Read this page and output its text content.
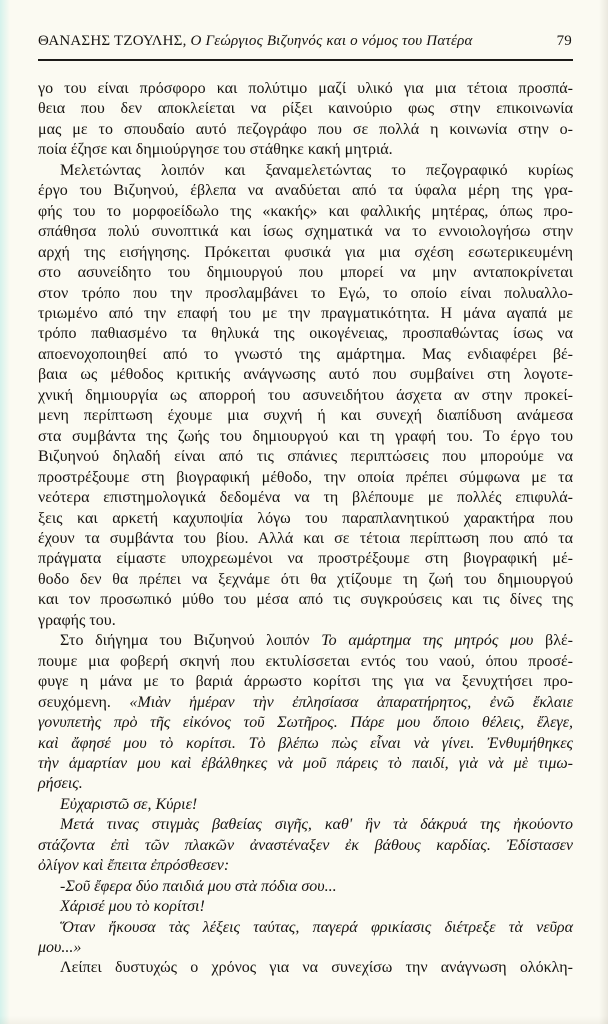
ΘΑΝΑΣΗΣ ΤΖΟΥΛΗΣ, Ο Γεώργιος Βιζυηνός και ο νόμος του Πατέρα	79
γο του είναι πρόσφορο και πολύτιμο μαζί υλικό για μια τέτοια προσπά-
θεια που δεν αποκλείεται να ρίξει καινούριο φως στην επικοινωνία
μας με το σπουδαίο αυτό πεζογράφο που σε πολλά η κοινωνία στην ο-
ποία έζησε και δημιούργησε του στάθηκε κακή μητριά.
Μελετώντας λοιπόν και ξαναμελετώντας το πεζογραφικό κυρίως
έργο του Βιζυηνού, έβλεπα να αναδύεται από τα ύφαλα μέρη της γρα-
φής του το μορφοείδωλο της «κακής» και φαλλικής μητέρας, όπως προ-
σπάθησα πολύ συνοπτικά και ίσως σχηματικά να το εννοιολογήσω στην
αρχή της εισήγησης. Πρόκειται φυσικά για μια σχέση εσωτερικευμένη
στο ασυνείδητο του δημιουργού που μπορεί να μην ανταποκρίνεται
στον τρόπο που την προσλαμβάνει το Εγώ, το οποίο είναι πολυαλλο-
τριωμένο από την επαφή του με την πραγματικότητα. Η μάνα αγαπά με
τρόπο παθιασμένο τα θηλυκά της οικογένειας, προσπαθώντας ίσως να
αποενοχοποιηθεί από το γνωστό της αμάρτημα. Μας ενδιαφέρει βέ-
βαια ως μέθοδος κριτικής ανάγνωσης αυτό που συμβαίνει στη λογοτε-
χνική δημιουργία ως απορροή του ασυνειδήτου άσχετα αν στην προκεί-
μενη περίπτωση έχουμε μια συχνή ή και συνεχή διαπίδυση ανάμεσα
στα συμβάντα της ζωής του δημιουργού και τη γραφή του. Το έργο του
Βιζυηνού δηλαδή είναι από τις σπάνιες περιπτώσεις που μπορούμε να
προστρέξουμε στη βιογραφική μέθοδο, την οποία πρέπει σύμφωνα με τα
νεότερα επιστημολογικά δεδομένα να τη βλέπουμε με πολλές επιφυλά-
ξεις και αρκετή καχυποψία λόγω του παραπλανητικού χαρακτήρα που
έχουν τα συμβάντα του βίου. Αλλά και σε τέτοια περίπτωση που από τα
πράγματα είμαστε υποχρεωμένοι να προστρέξουμε στη βιογραφική μέ-
θοδο δεν θα πρέπει να ξεχνάμε ότι θα χτίζουμε τη ζωή του δημιουργού
και τον προσωπικό μύθο του μέσα από τις συγκρούσεις και τις δίνες της
γραφής του.
Στο διήγημα του Βιζυηνού λοιπόν Το αμάρτημα της μητρός μου βλέ-
πουμε μια φοβερή σκηνή που εκτυλίσσεται εντός του ναού, όπου προσέ-
φυγε η μάνα με το βαριά άρρωστο κορίτσι της για να ξενυχτήσει προ-
σευχόμενη. «Μιὰν ἡμέραν τὴν ἐπλησίασα ἀπαρατήρητος, ἐνῶ ἔκλαιε
γονυπετὴς πρὸ τῆς εἰκόνος τοῦ Σωτῆρος. Πάρε μου ὅποιο θέλεις, ἔλεγε,
καὶ ἄφησέ μου τὸ κορίτσι. Τὸ βλέπω πὼς εἶναι νὰ γίνει. Ἐνθυμήθηκες
τὴν ἁμαρτίαν μου καὶ ἐβάλθηκες νὰ μοῦ πάρεις τὸ παιδί, γιὰ νὰ μὲ τιμω-
ρήσεις.
Εὐχαριστῶ σε, Κύριε!
Μετά τινας στιγμὰς βαθείας σιγῆς, καθ' ἣν τὰ δάκρυά της ἠκούοντο
στάζοντα ἐπὶ τῶν πλακῶν ἀναστέναξεν ἐκ βάθους καρδίας. Ἐδίστασεν
ὀλίγον καὶ ἔπειτα ἐπρόσθεσεν:
-Σοῦ ἔφερα δύο παιδιά μου στὰ πόδια σου...
Χάρισέ μου τὸ κορίτσι!
Ὅταν ἤκουσα τὰς λέξεις ταύτας, παγερά φρικίασις διέτρεξε τὰ νεῦρα
μου...»
Λείπει δυστυχώς ο χρόνος για να συνεχίσω την ανάγνωση ολόκλη-
